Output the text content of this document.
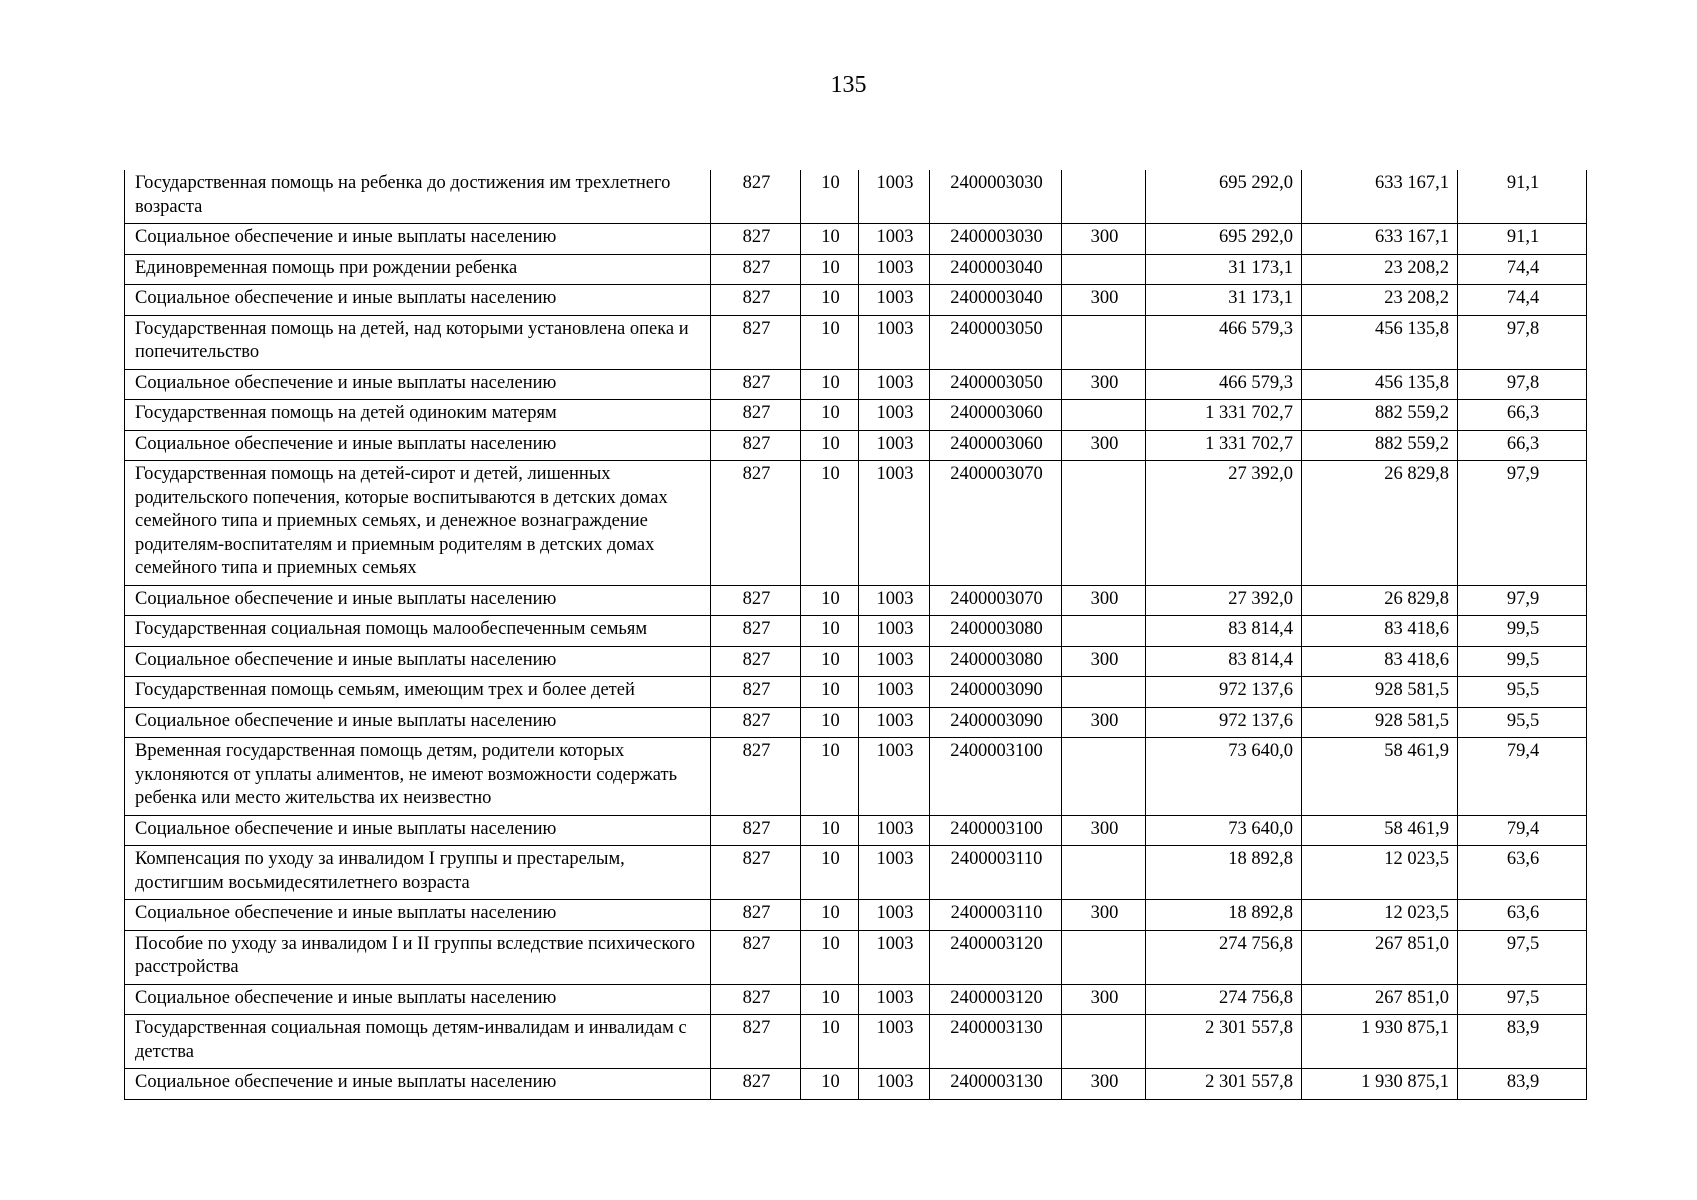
135
Государственная помощь на ребенка до достижения им трехлетнего возраста	827	10	1003	2400003030		695 292,0	633 167,1	91,1
Социальное обеспечение и иные выплаты населению	827	10	1003	2400003030	300	695 292,0	633 167,1	91,1
Единовременная помощь при рождении ребенка	827	10	1003	2400003040		31 173,1	23 208,2	74,4
Социальное обеспечение и иные выплаты населению	827	10	1003	2400003040	300	31 173,1	23 208,2	74,4
Государственная помощь на детей, над которыми установлена опека и попечительство	827	10	1003	2400003050		466 579,3	456 135,8	97,8
Социальное обеспечение и иные выплаты населению	827	10	1003	2400003050	300	466 579,3	456 135,8	97,8
Государственная помощь на детей одиноким матерям	827	10	1003	2400003060		1 331 702,7	882 559,2	66,3
Социальное обеспечение и иные выплаты населению	827	10	1003	2400003060	300	1 331 702,7	882 559,2	66,3
Государственная помощь на детей-сирот и детей, лишенных родительского попечения, которые воспитываются в детских домах семейного типа и приемных семьях, и денежное вознаграждение родителям-воспитателям и приемным родителям в детских домах семейного типа и приемных семьях	827	10	1003	2400003070		27 392,0	26 829,8	97,9
Социальное обеспечение и иные выплаты населению	827	10	1003	2400003070	300	27 392,0	26 829,8	97,9
Государственная социальная помощь малообеспеченным семьям	827	10	1003	2400003080		83 814,4	83 418,6	99,5
Социальное обеспечение и иные выплаты населению	827	10	1003	2400003080	300	83 814,4	83 418,6	99,5
Государственная помощь семьям, имеющим трех и более детей	827	10	1003	2400003090		972 137,6	928 581,5	95,5
Социальное обеспечение и иные выплаты населению	827	10	1003	2400003090	300	972 137,6	928 581,5	95,5
Временная государственная помощь детям, родители которых уклоняются от уплаты алиментов, не имеют возможности содержать ребенка или место жительства их неизвестно	827	10	1003	2400003100		73 640,0	58 461,9	79,4
Социальное обеспечение и иные выплаты населению	827	10	1003	2400003100	300	73 640,0	58 461,9	79,4
Компенсация по уходу за инвалидом I группы и престарелым, достигшим восьмидесятилетнего возраста	827	10	1003	2400003110		18 892,8	12 023,5	63,6
Социальное обеспечение и иные выплаты населению	827	10	1003	2400003110	300	18 892,8	12 023,5	63,6
Пособие по уходу за инвалидом I и II группы вследствие психического расстройства	827	10	1003	2400003120		274 756,8	267 851,0	97,5
Социальное обеспечение и иные выплаты населению	827	10	1003	2400003120	300	274 756,8	267 851,0	97,5
Государственная социальная помощь детям-инвалидам и инвалидам с детства	827	10	1003	2400003130		2 301 557,8	1 930 875,1	83,9
Социальное обеспечение и иные выплаты населению	827	10	1003	2400003130	300	2 301 557,8	1 930 875,1	83,9
